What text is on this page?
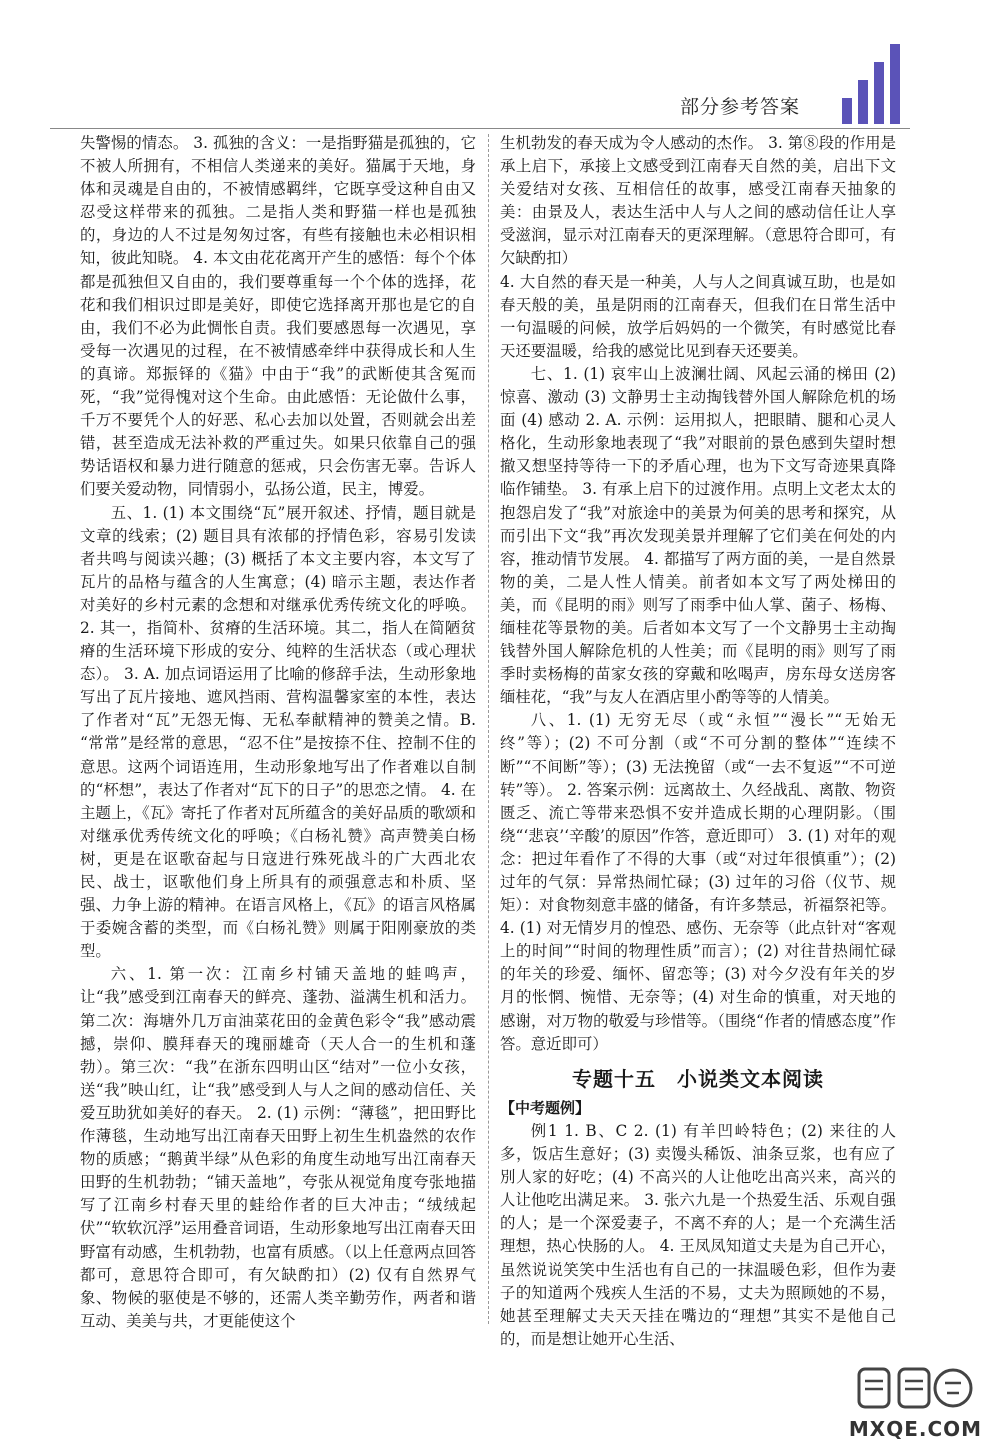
部分参考答案

失警惕的情态。 3. 孤独的含义：一是指野猫是孤独的，它不被人所拥有，不相信人类递来的美好。猫属于天地，身体和灵魂是自由的，不被情感羁绊，它既享受这种自由又忍受这样带来的孤独。二是指人类和野猫一样也是孤独的，身边的人不过是匆匆过客，有些有接触也未必相识相知，彼此知晓。 4. 本文由花花离开产生的感悟：每个个体都是孤独但又自由的，我们要尊重每一个个体的选择，花花和我们相识过即是美好，即使它选择离开那也是它的自由，我们不必为此惆怅自责。我们要感恩每一次遇见，享受每一次遇见的过程，在不被情感牵绊中获得成长和人生的真谛。郑振铎的《猫》中由于“我”的武断使其含冤而死，“我”觉得愧对这个生命。由此感悟：无论做什么事，千万不要凭个人的好恶、私心去加以处置，否则就会出差错，甚至造成无法补救的严重过失。如果只依靠自己的强势话语权和暴力进行随意的惩戒，只会伤害无辜。告诉人们要关爱动物，同情弱小，弘扬公道，民主，博爱。

五、1. (1) 本文围绕“瓦”展开叙述、抒情，题目就是文章的线索；(2) 题目具有浓郁的抒情色彩，容易引发读者共鸣与阅读兴趣；(3) 概括了本文主要内容，本文写了瓦片的品格与蕴含的人生寓意；(4) 暗示主题，表达作者对美好的乡村元素的念想和对继承优秀传统文化的呼唤。 2. 其一，指简朴、贫瘠的生活环境。其二，指人在简陋贫瘠的生活环境下形成的安分、纯粹的生活状态（或心理状态）。 3. A. 加点词语运用了比喻的修辞手法，生动形象地写出了瓦片接地、遮风挡雨、营构温馨家室的本性，表达了作者对“瓦”无怨无悔、无私奉献精神的赞美之情。B. “常常”是经常的意思，“忍不住”是按捺不住、控制不住的意思。这两个词语连用，生动形象地写出了作者难以自制的“杯想”，表达了作者对“瓦下的日子”的思恋之情。 4. 在主题上，《瓦》寄托了作者对瓦所蕴含的美好品质的歌颂和对继承优秀传统文化的呼唤；《白杨礼赞》高声赞美白杨树，更是在讴歌奋起与日寇进行殊死战斗的广大西北农民、战士，讴歌他们身上所具有的顽强意志和朴质、坚强、力争上游的精神。在语言风格上，《瓦》的语言风格属于委婉含蓄的类型，而《白杨礼赞》则属于阳刚豪放的类型。

六、1. 第一次：江南乡村铺天盖地的蛙鸣声，让“我”感受到江南春天的鲜亮、蓬勃、溢满生机和活力。第二次：海塘外几万亩油菜花田的金黄色彩令“我”感动震撼，崇仰、膜拜春天的瑰丽雄奇（天人合一的生机和蓬勃）。第三次：“我”在浙东四明山区“结对”一位小女孩，送“我”映山红，让“我”感受到人与人之间的感动信任、关爱互助犹如美好的春天。 2. (1) 示例：“薄毯”，把田野比作薄毯，生动地写出江南春天田野上初生生机盎然的农作物的质感；“鹅黄半绿”从色彩的角度生动地写出江南春天田野的生机勃勃；“铺天盖地”，夸张从视觉角度夸张地描写了江南乡村春天里的蛙给作者的巨大冲击；“绒绒起伏”“软软沉浮”运用叠音词语，生动形象地写出江南春天田野富有动感，生机勃勃，也富有质感。（以上任意两点回答都可，意思符合即可，有欠缺酌扣）(2) 仅有自然界气象、物候的驱使是不够的，还需人类辛勤劳作，两者和谐互动、美美与共，才更能使这个

生机勃发的春天成为令人感动的杰作。 3. 第⑧段的作用是承上启下，承接上文感受到江南春天自然的美，启出下文关爱结对女孩、互相信任的故事，感受江南春天抽象的美：由景及人，表达生活中人与人之间的感动信任让人享受滋润，显示对江南春天的更深理解。（意思符合即可，有欠缺酌扣）

4. 大自然的春天是一种美，人与人之间真诚互助，也是如春天般的美，虽是阴雨的江南春天，但我们在日常生活中一句温暖的问候，放学后妈妈的一个微笑，有时感觉比春天还要温暖，给我的感觉比见到春天还要美。

七、1. (1) 哀牢山上波澜壮阔、风起云涌的梯田 (2) 惊喜、激动 (3) 文静男士主动掏钱替外国人解除危机的场面 (4) 感动 2. A. 示例：运用拟人，把眼睛、腿和心灵人格化，生动形象地表现了“我”对眼前的景色感到失望时想撤又想坚持等待一下的矛盾心理，也为下文写奇迹果真降临作铺垫。 3. 有承上启下的过渡作用。点明上文老太太的抱怨启发了“我”对旅途中的美景为何美的思考和探究，从而引出下文“我”再次发现美景并理解了它们美在何处的内容，推动情节发展。 4. 都描写了两方面的美，一是自然景物的美，二是人性人情美。前者如本文写了两处梯田的美，而《昆明的雨》则写了雨季中仙人掌、菌子、杨梅、缅桂花等景物的美。后者如本文写了一个文静男士主动掏钱替外国人解除危机的人性美；而《昆明的雨》则写了雨季时卖杨梅的苗家女孩的穿戴和吆喝声，房东母女送房客缅桂花，“我”与友人在酒店里小酌等等的人情美。

八、1. (1) 无穷无尽（或“永恒”“漫长”“无始无终”等）；(2) 不可分割（或“不可分割的整体”“连续不断”“不间断”等）；(3) 无法挽留（或“一去不复返”“不可逆转”等）。 2. 答案示例：远离故土、久经战乱、离散、物资匮乏、流亡等带来恐惧不安并造成长期的心理阴影。（围绕“‘悲哀’‘辛酸’的原因”作答，意近即可） 3. (1) 对年的观念：把过年看作了不得的大事（或“对过年很慎重”）；(2) 过年的气氛：异常热闹忙碌；(3) 过年的习俗（仪节、规矩）：对食物刻意丰盛的储备，有许多禁忌，祈福祭祀等。 4. (1) 对无情岁月的惶恐、感伤、无奈等（此点针对“客观上的时间”“时间的物理性质”而言）；(2) 对往昔热闹忙碌的年关的珍爱、缅怀、留恋等；(3) 对今夕没有年关的岁月的怅惘、惋惜、无奈等；(4) 对生命的慎重，对天地的感谢，对万物的敬爱与珍惜等。（围绕“作者的情感态度”作答。意近即可）

专题十五　小说类文本阅读

【中考题例】

例1 1. B、C 2. (1) 有羊凹岭特色；(2) 来往的人多，饭店生意好；(3) 卖馒头稀饭、油条豆浆，也有应了別人家的好吃；(4) 不高兴的人让他吃出高兴来，高兴的人让他吃出满足来。 3. 张六九是一个热爱生活、乐观自强的人；是一个深爱妻子，不离不弃的人；是一个充满生活理想，热心快肠的人。 4. 王凤凤知道丈夫是为自己开心，虽然说说笑笑中生活也有自己的一抹温暖色彩，但作为妻子的知道两个残疾人生活的不易，丈夫为照顾她的不易，她甚至理解丈夫天天挂在嘴边的“理想”其实不是他自己的，而是想让她开心生活、

MXQE.COM
